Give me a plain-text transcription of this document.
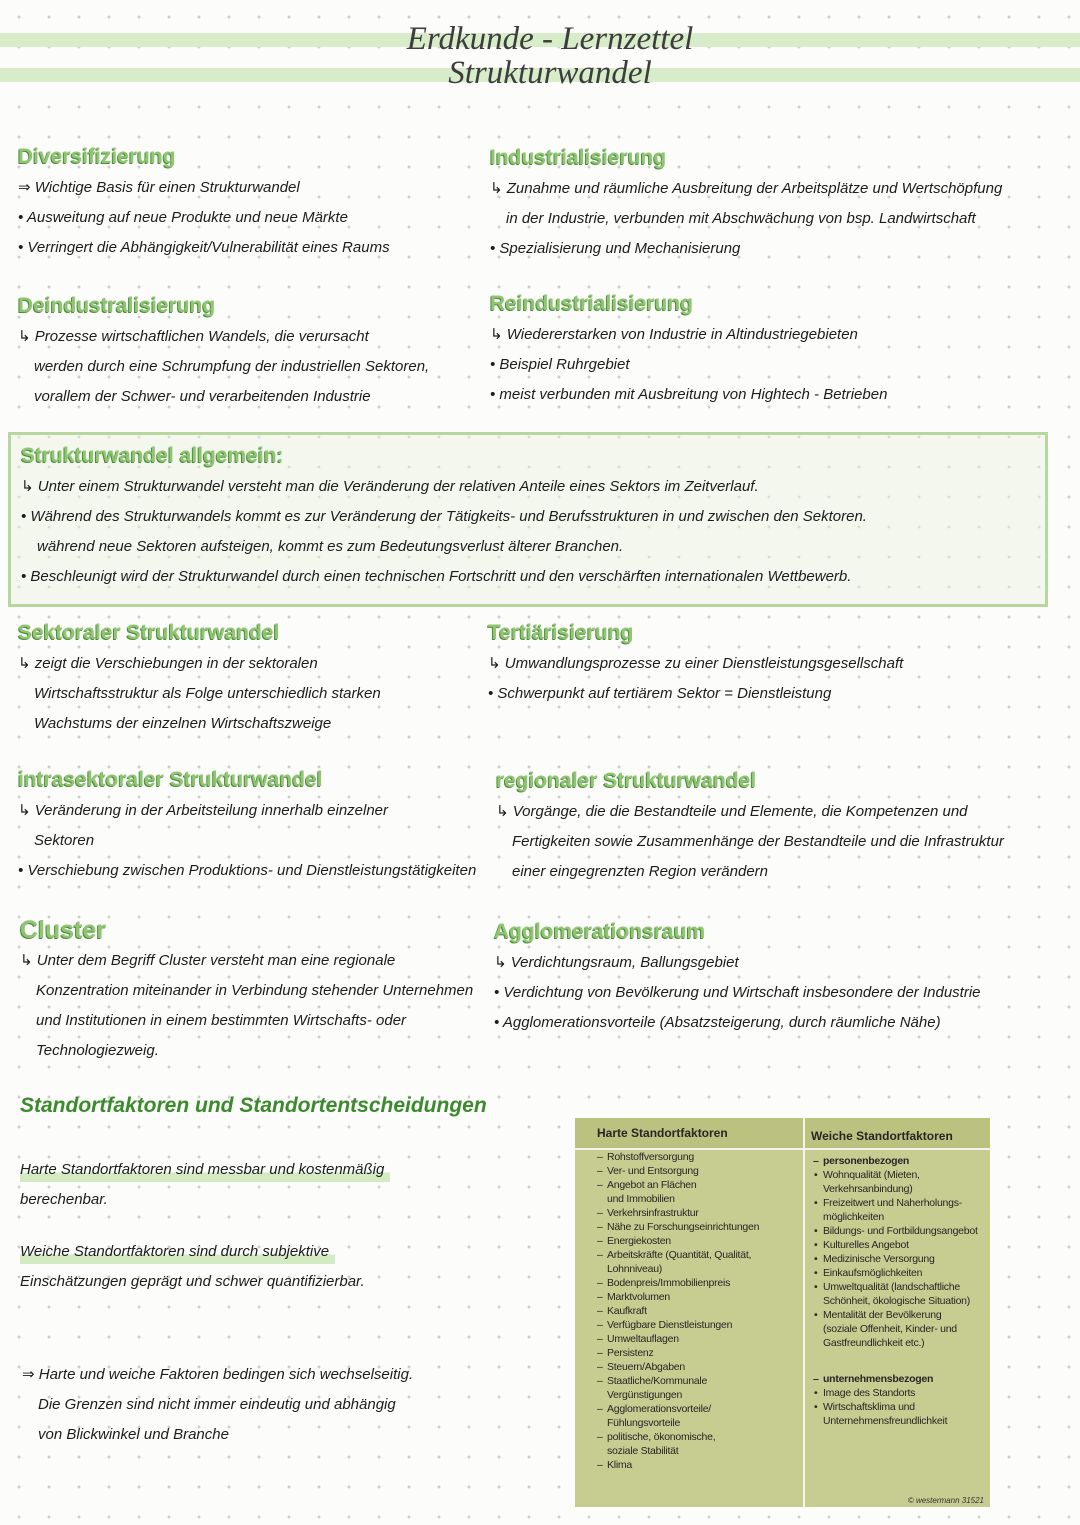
Erdkunde - Lernzettel
Strukturwandel
Diversifizierung
⇒ Wichtige Basis für einen Strukturwandel
• Ausweitung auf neue Produkte und neue Märkte
• Verringert die Abhängigkeit/Vulnerabilität eines Raums
Industrialisierung
↳ Zunahme und räumliche Ausbreitung der Arbeitsplätze und Wertschöpfung
in der Industrie, verbunden mit Abschwächung von bsp. Landwirtschaft
• Spezialisierung und Mechanisierung
Deindustralisierung
↳ Prozesse wirtschaftlichen Wandels, die verursacht
werden durch eine Schrumpfung der industriellen Sektoren,
vorallem der Schwer- und verarbeitenden Industrie
Reindustrialisierung
↳ Wiedererstarken von Industrie in Altindustriegebieten
• Beispiel Ruhrgebiet
• meist verbunden mit Ausbreitung von Hightech - Betrieben
Strukturwandel allgemein:
↳ Unter einem Strukturwandel versteht man die Veränderung der relativen Anteile eines Sektors im Zeitverlauf.
• Während des Strukturwandels kommt es zur Veränderung der Tätigkeits- und Berufsstrukturen in und zwischen den Sektoren.
während neue Sektoren aufsteigen, kommt es zum Bedeutungsverlust älterer Branchen.
• Beschleunigt wird der Strukturwandel durch einen technischen Fortschritt und den verschärften internationalen Wettbewerb.
Sektoraler Strukturwandel
↳ zeigt die Verschiebungen in der sektoralen
Wirtschaftsstruktur als Folge unterschiedlich starken
Wachstums der einzelnen Wirtschaftszweige
Tertiärisierung
↳ Umwandlungsprozesse zu einer Dienstleistungsgesellschaft
• Schwerpunkt auf tertiärem Sektor = Dienstleistung
intrasektoraler Strukturwandel
↳ Veränderung in der Arbeitsteilung innerhalb einzelner
Sektoren
• Verschiebung zwischen Produktions- und Dienstleistungstätigkeiten
regionaler Strukturwandel
↳ Vorgänge, die die Bestandteile und Elemente, die Kompetenzen und
Fertigkeiten sowie Zusammenhänge der Bestandteile und die Infrastruktur
einer eingegrenzten Region verändern
Cluster
↳ Unter dem Begriff Cluster versteht man eine regionale
Konzentration miteinander in Verbindung stehender Unternehmen
und Institutionen in einem bestimmten Wirtschafts- oder
Technologiezweig.
Agglomerationsraum
↳ Verdichtungsraum, Ballungsgebiet
• Verdichtung von Bevölkerung und Wirtschaft insbesondere der Industrie
• Agglomerationsvorteile (Absatzsteigerung, durch räumliche Nähe)
Standortfaktoren und Standortentscheidungen
Harte Standortfaktoren sind messbar und kostenmäßig

berechenbar.
Weiche Standortfaktoren sind durch subjektive

Einschätzungen geprägt und schwer quantifizierbar.
⇒ Harte und weiche Faktoren bedingen sich wechselseitig.
Die Grenzen sind nicht immer eindeutig und abhängig
von Blickwinkel und Branche
Harte Standortfaktoren	Weiche Standortfaktoren
– Rohstoffversorgung
– Ver- und Entsorgung
– Angebot an Flächen
und Immobilien
– Verkehrsinfrastruktur
– Nähe zu Forschungseinrichtungen
– Energiekosten
– Arbeitskräfte (Quantität, Qualität,
Lohnniveau)
– Bodenpreis/Immobilienpreis
– Marktvolumen
– Kaufkraft
– Verfügbare Dienstleistungen
– Umweltauflagen
– Persistenz
– Steuern/Abgaben
– Staatliche/Kommunale
Vergünstigungen
– Agglomerationsvorteile/
Fühlungsvorteile
– politische, ökonomische,
soziale Stabilität
– Klima
– personenbezogen
• Wohnqualität (Mieten,
Verkehrsanbindung)
• Freizeitwert und Naherholungs-
möglichkeiten
• Bildungs- und Fortbildungsangebot
• Kulturelles Angebot
• Medizinische Versorgung
• Einkaufsmöglichkeiten
• Umweltqualität (landschaftliche
Schönheit, ökologische Situation)
• Mentalität der Bevölkerung
(soziale Offenheit, Kinder- und
Gastfreundlichkeit etc.)
– unternehmensbezogen
• Image des Standorts
• Wirtschaftsklima und
Unternehmensfreundlichkeit
© westermann 31521
